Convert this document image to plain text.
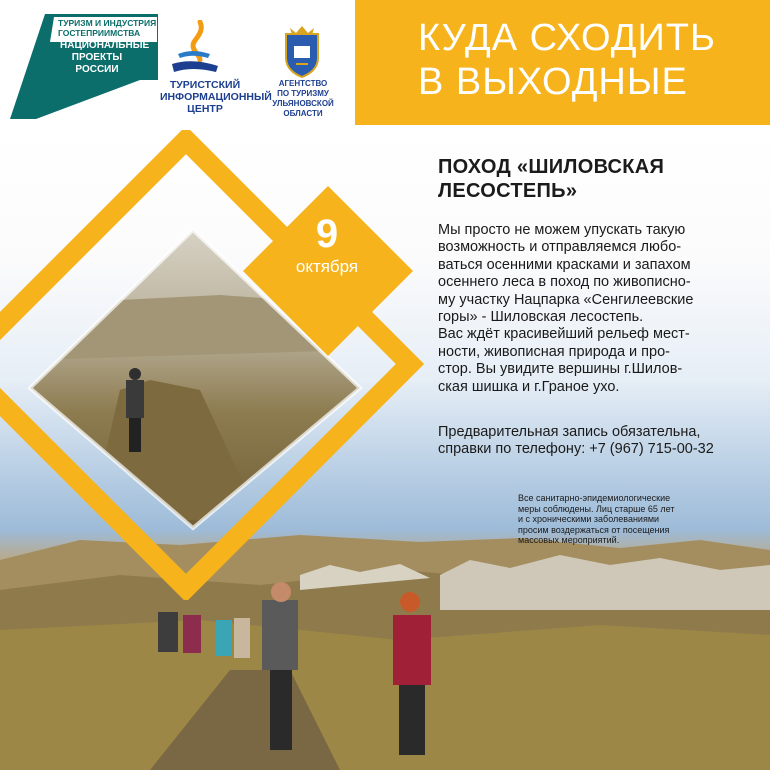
ТУРИЗМ И ИНДУСТРИЯ
ГОСТЕПРИИМСТВА
НАЦИОНАЛЬНЫЕ
ПРОЕКТЫ
РОССИИ
ТУРИСТСКИЙ
ИНФОРМАЦИОННЫЙ
ЦЕНТР
АГЕНТСТВО
ПО ТУРИЗМУ
УЛЬЯНОВСКОЙ
ОБЛАСТИ
КУДА СХОДИТЬ
В ВЫХОДНЫЕ
9
октября
ПОХОД «ШИЛОВСКАЯ
ЛЕСОСТЕПЬ»

Мы просто не можем упускать такую

возможность и отправляемся любо-

ваться осенними красками и запахом

осеннего леса в поход по живописно-

му участку Нацпарка «Сенгилеевские

горы» - Шиловская лесостепь.

Вас ждёт красивейший рельеф мест-

ности, живописная природа и про-

стор. Вы увидите вершины г.Шилов-

ская шишка и г.Граное ухо.

Предварительная запись обязательна,
справки по телефону: +7 (967) 715-00-32
Все санитарно-эпидемиологические
меры соблюдены. Лиц старше 65 лет
и с хроническими заболеваниями
просим воздержаться от посещения
массовых мероприятий.
